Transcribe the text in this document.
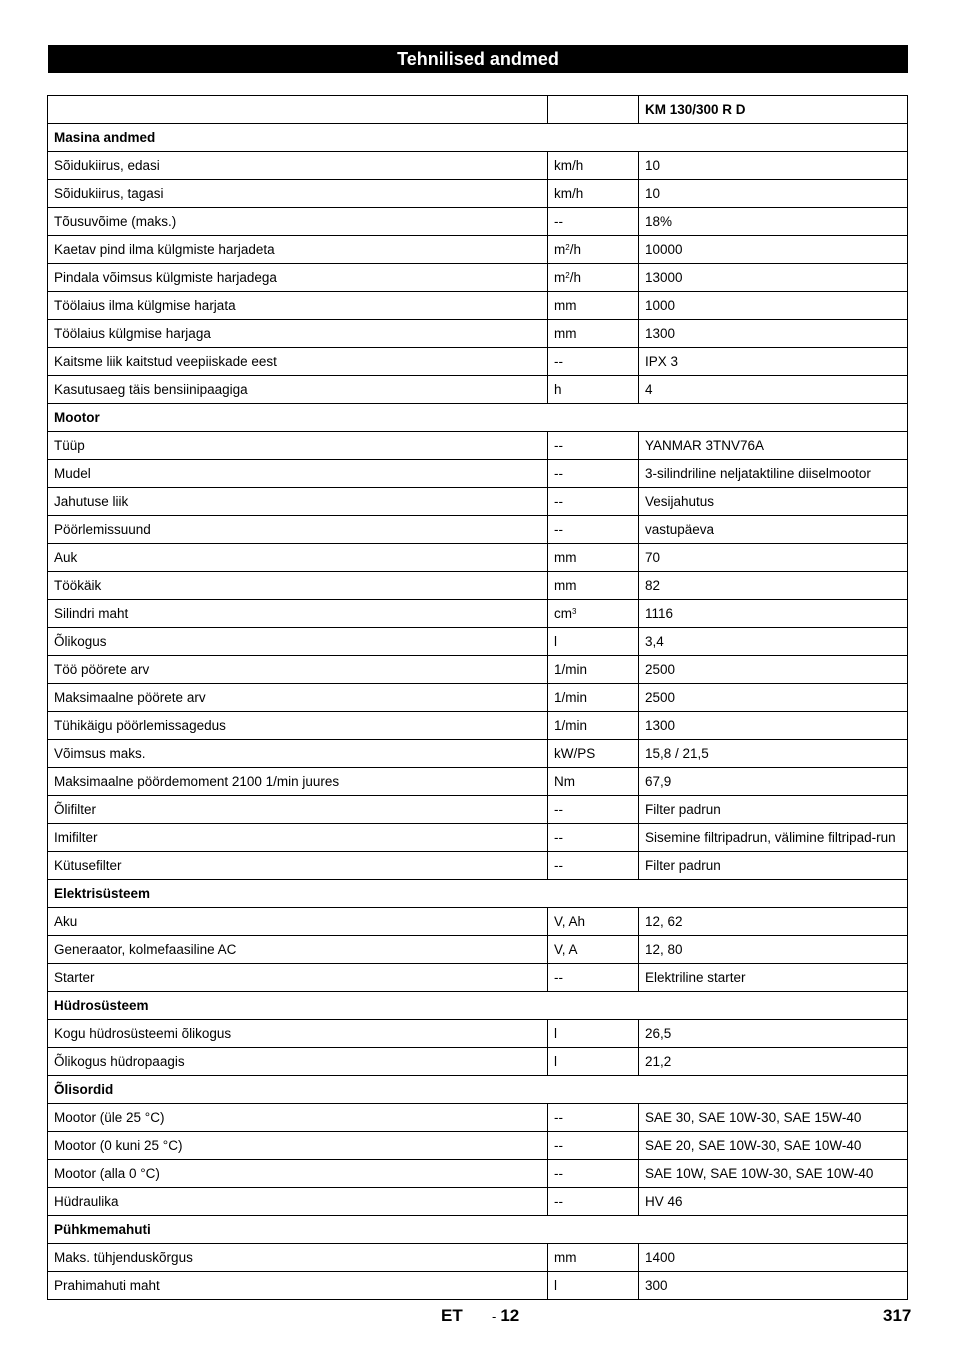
Tehnilised andmed
		KM 130/300 R D
Masina andmed		
Sõidukiirus, edasi	km/h	10
Sõidukiirus, tagasi	km/h	10
Tõusuvõime (maks.)	--	18%
Kaetav pind ilma külgmiste harjadeta	$m^2/h$	10000
Pindala võimsus külgmiste harjadega	$m^2/h$	13000
Töölaius ilma külgmise harjata	mm	1000
Töölaius külgmise harjaga	mm	1300
Kaitsme liik kaitstud veepiiskade eest	--	IPX 3
Kasutusaeg täis bensiinipaagiga	h	4
Mootor		
Tüüp	--	YANMAR 3TNV76A
Mudel	--	3-silindriline neljataktiline diiselmootor
Jahutuse liik	--	Vesijahutus
Pöörlemissuund	--	vastupäeva
Auk	mm	70
Töökäik	mm	82
Silindri maht	$cm^3$	1116
Õlikogus	l	3,4
Töö pöörete arv	1/min	2500
Maksimaalne pöörete arv	1/min	2500
Tühikäigu pöörlemissagedus	1/min	1300
Võimsus maks.	kW/PS	15,8 / 21,5
Maksimaalne pöördemoment 2100 1/min juures	Nm	67,9
Õlifilter	--	Filter padrun
Imifilter	--	Sisemine filtripadrun, välimine filtripad-run
Kütusefilter	--	Filter padrun
Elektrisüsteem		
Aku	V, Ah	12, 62
Generaator, kolmefaasiline AC	V, A	12, 80
Starter	--	Elektriline starter
Hüdrosüsteem		
Kogu hüdrosüsteemi õlikogus	l	26,5
Õlikogus hüdropaagis	l	21,2
Õlisordid		
Mootor (üle 25 °C)	--	SAE 30, SAE 10W-30, SAE 15W-40
Mootor (0 kuni 25 °C)	--	SAE 20, SAE 10W-30, SAE 10W-40
Mootor (alla 0 °C)	--	SAE 10W, SAE 10W-30, SAE 10W-40
Hüdraulika	--	HV 46
Pühkmemahuti		
Maks. tühjenduskõrgus	mm	1400
Prahimahuti maht	l	300
ET - 12	317
